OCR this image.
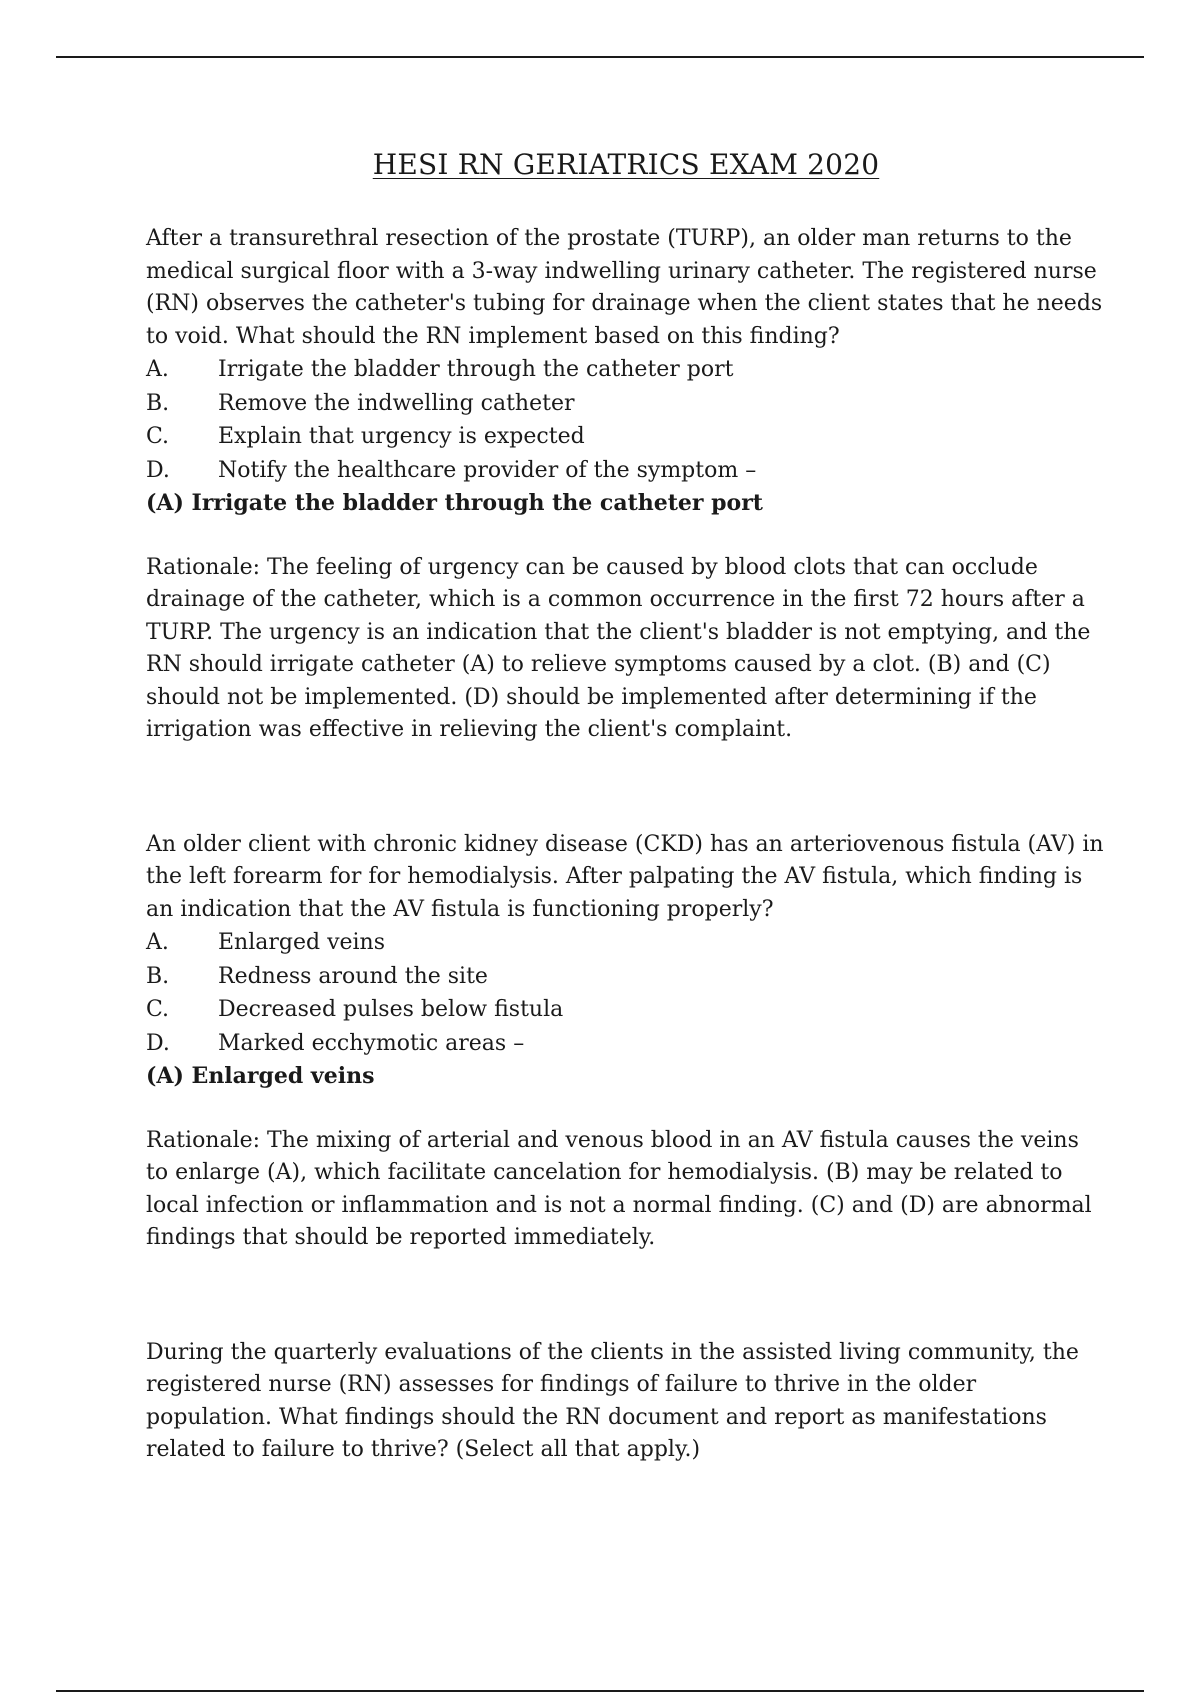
HESI RN GERIATRICS EXAM 2020

After a transurethral resection of the prostate (TURP), an older man returns to the medical surgical floor with a 3-way indwelling urinary catheter. The registered nurse (RN) observes the catheter's tubing for drainage when the client states that he needs to void. What should the RN implement based on this finding?

A.	Irrigate the bladder through the catheter port
B.	Remove the indwelling catheter
C.	Explain that urgency is expected
D.	Notify the healthcare provider of the symptom –

(A) Irrigate the bladder through the catheter port

Rationale: The feeling of urgency can be caused by blood clots that can occlude drainage of the catheter, which is a common occurrence in the first 72 hours after a TURP. The urgency is an indication that the client's bladder is not emptying, and the RN should irrigate catheter (A) to relieve symptoms caused by a clot. (B) and (C) should not be implemented. (D) should be implemented after determining if the irrigation was effective in relieving the client's complaint.

An older client with chronic kidney disease (CKD) has an arteriovenous fistula (AV) in the left forearm for for hemodialysis. After palpating the AV fistula, which finding is an indication that the AV fistula is functioning properly?

A.	Enlarged veins
B.	Redness around the site
C.	Decreased pulses below fistula
D.	Marked ecchymotic areas –

(A) Enlarged veins

Rationale: The mixing of arterial and venous blood in an AV fistula causes the veins to enlarge (A), which facilitate cancelation for hemodialysis. (B) may be related to local infection or inflammation and is not a normal finding. (C) and (D) are abnormal findings that should be reported immediately.

During the quarterly evaluations of the clients in the assisted living community, the registered nurse (RN) assesses for findings of failure to thrive in the older population. What findings should the RN document and report as manifestations related to failure to thrive? (Select all that apply.)
